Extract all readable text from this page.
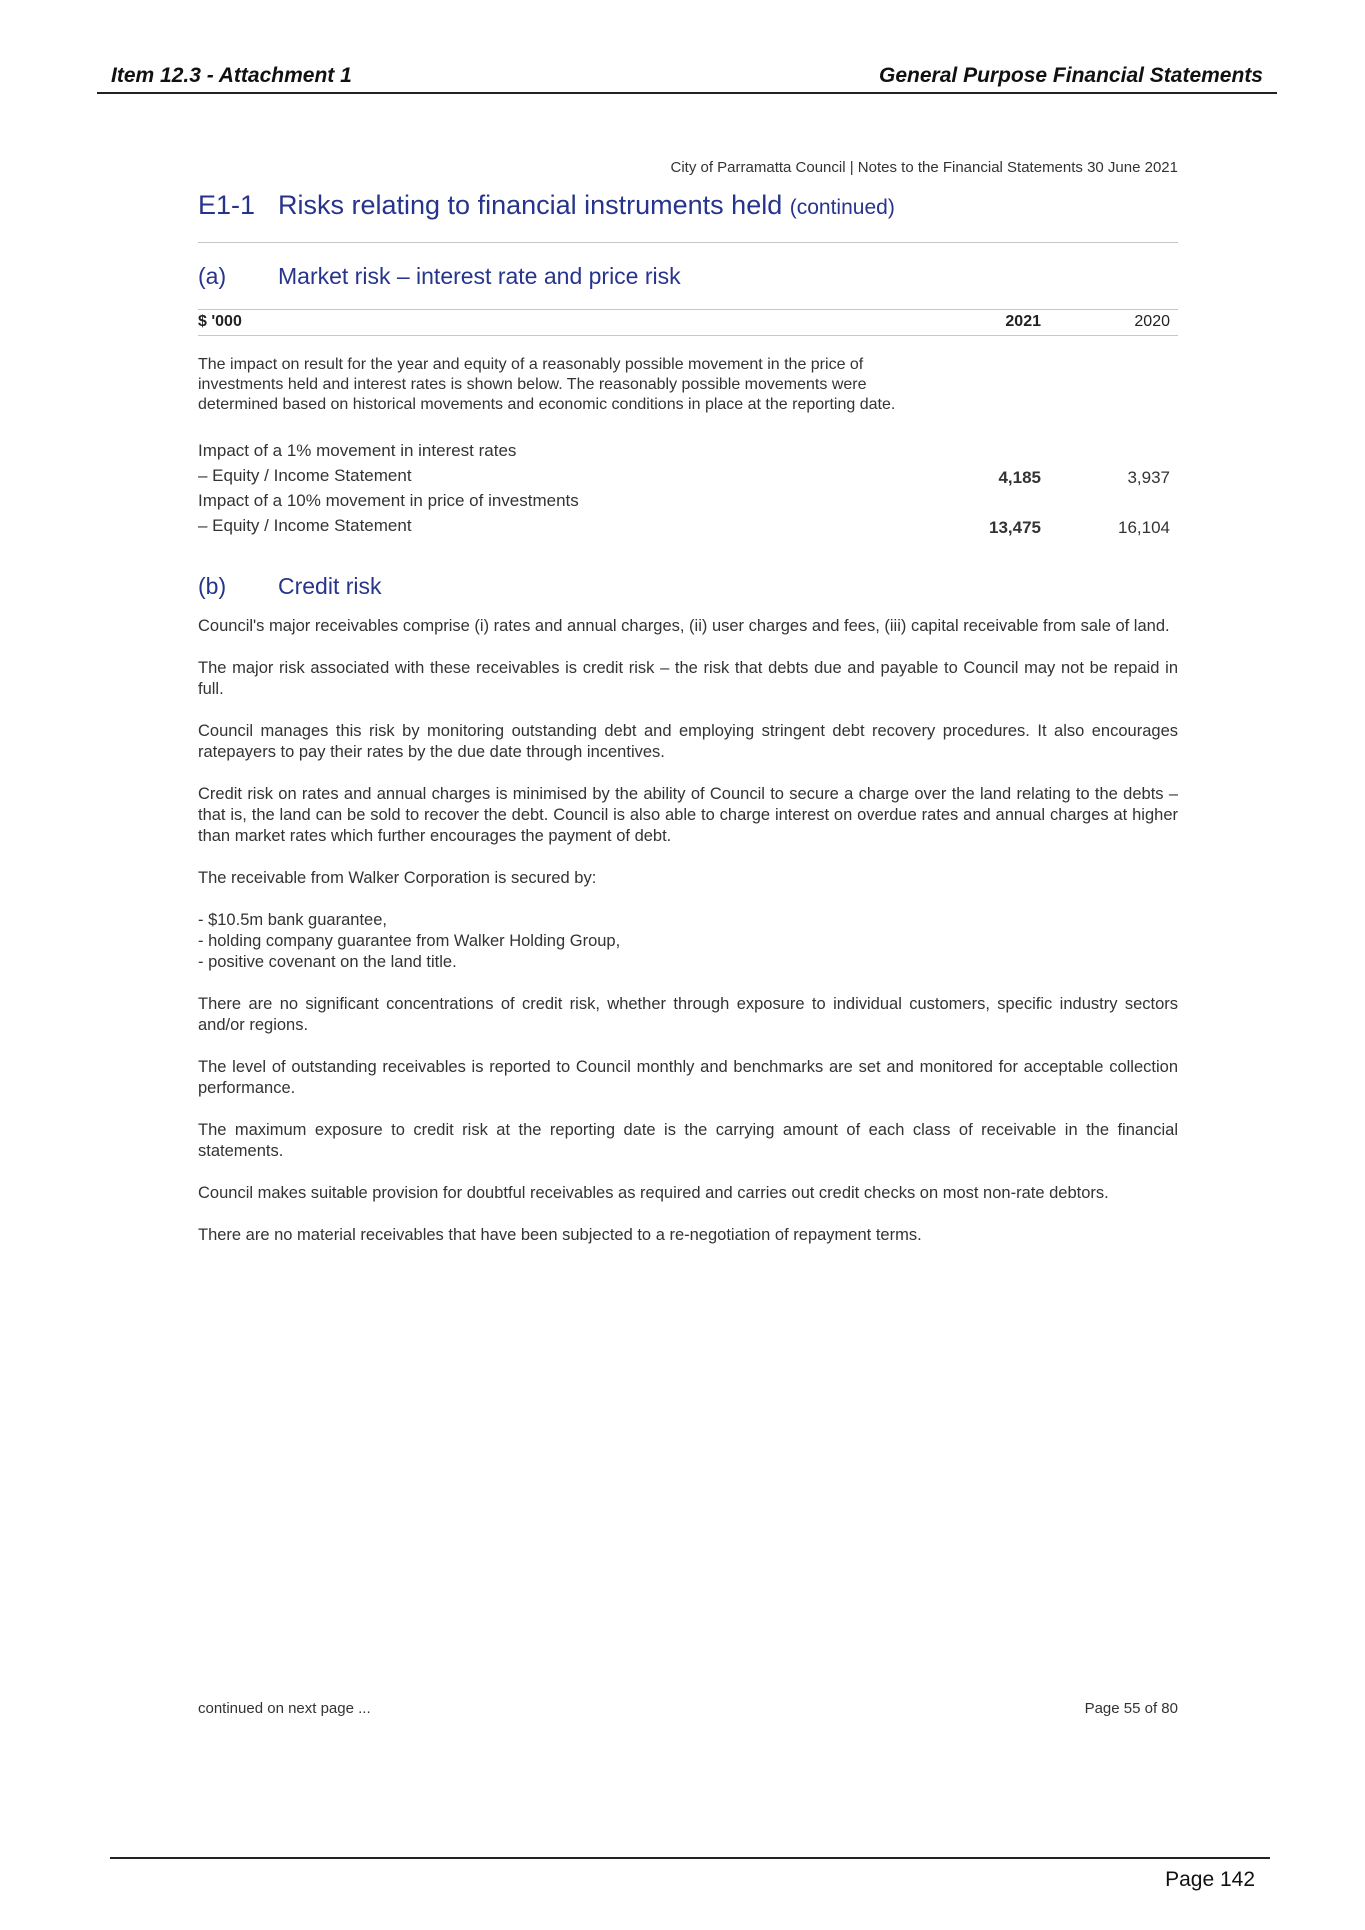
Item 12.3 - Attachment 1	General Purpose Financial Statements
City of Parramatta Council | Notes to the Financial Statements 30 June 2021
E1-1 Risks relating to financial instruments held (continued)
(a) Market risk – interest rate and price risk
$ '000	2021	2020
The impact on result for the year and equity of a reasonably possible movement in the price of investments held and interest rates is shown below. The reasonably possible movements were determined based on historical movements and economic conditions in place at the reporting date.
Impact of a 1% movement in interest rates
– Equity / Income Statement	4,185	3,937
Impact of a 10% movement in price of investments
– Equity / Income Statement	13,475	16,104
(b) Credit risk

Council's major receivables comprise (i) rates and annual charges, (ii) user charges and fees, (iii) capital receivable from sale of land.

The major risk associated with these receivables is credit risk – the risk that debts due and payable to Council may not be repaid in full.

Council manages this risk by monitoring outstanding debt and employing stringent debt recovery procedures. It also encourages ratepayers to pay their rates by the due date through incentives.

Credit risk on rates and annual charges is minimised by the ability of Council to secure a charge over the land relating to the debts – that is, the land can be sold to recover the debt. Council is also able to charge interest on overdue rates and annual charges at higher than market rates which further encourages the payment of debt.

The receivable from Walker Corporation is secured by:

- $10.5m bank guarantee,
- holding company guarantee from Walker Holding Group,
- positive covenant on the land title.

There are no significant concentrations of credit risk, whether through exposure to individual customers, specific industry sectors and/or regions.

The level of outstanding receivables is reported to Council monthly and benchmarks are set and monitored for acceptable collection performance.

The maximum exposure to credit risk at the reporting date is the carrying amount of each class of receivable in the financial statements.

Council makes suitable provision for doubtful receivables as required and carries out credit checks on most non-rate debtors.

There are no material receivables that have been subjected to a re-negotiation of repayment terms.

continued on next page ...	Page 55 of 80
Page 142
